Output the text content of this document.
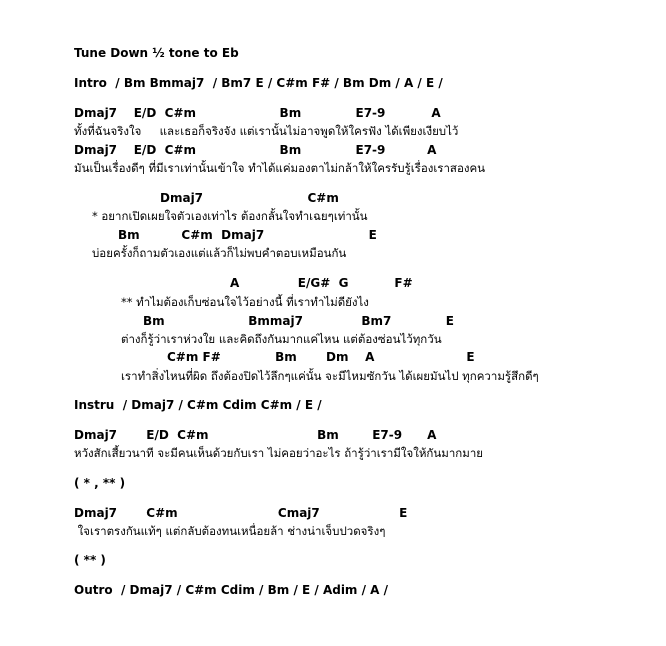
Tune Down ½ tone to Eb
Intro  / Bm Bmmaj7  / Bm7 E / C#m F# / Bm Dm / A / E /
Dmaj7    E/D  C#m                    Bm             E7-9           A
ทั้งที่ฉันจริงใจ     และเธอก็จริงจัง แต่เรานั้นไม่อาจพูดให้ใครฟัง ได้เพียงเงียบไว้
Dmaj7    E/D  C#m                    Bm             E7-9          A
มันเป็นเรื่องดีๆ ที่มีเราเท่านั้นเข้าใจ ทำได้แค่มองตาไม่กล้าให้ใครรับรู้เรื่องเราสองคน
Dmaj7                         C#m
* อยากเปิดเผยใจตัวเองเท่าไร ต้องกลั้นใจทำเฉยๆเท่านั้น
Bm          C#m  Dmaj7                         E
บ่อยครั้งก็ถามตัวเองแต่แล้วก็ไม่พบคำตอบเหมือนกัน
A              E/G#  G           F#
** ทำไมต้องเก็บซ่อนใจไว้อย่างนี้ ที่เราทำไม่ดียังไง
Bm                    Bmmaj7              Bm7             E
ต่างก็รู้ว่าเราห่วงใย และคิดถึงกันมากแค่ไหน แต่ต้องซ่อนไว้ทุกวัน
C#m F#             Bm       Dm    A                      E
เราทำสิ่งไหนที่ผิด ถึงต้องปิดไว้ลึกๆแค่นั้น จะมีไหมซักวัน ได้เผยมันไป ทุกความรู้สึกดีๆ
Instru  / Dmaj7 / C#m Cdim C#m / E /
Dmaj7       E/D  C#m                          Bm        E7-9      A
หวังสักเสี้ยวนาที จะมีคนเห็นด้วยกับเรา ไม่คอยว่าอะไร ถ้ารู้ว่าเรามีใจให้กันมากมาย
( * , ** )
Dmaj7       C#m                        Cmaj7                   E
ใจเราตรงกันแท้ๆ แต่กลับต้องทนเหนื่อยล้า ช่างน่าเจ็บปวดจริงๆ
( ** )
Outro  / Dmaj7 / C#m Cdim / Bm / E / Adim / A /
